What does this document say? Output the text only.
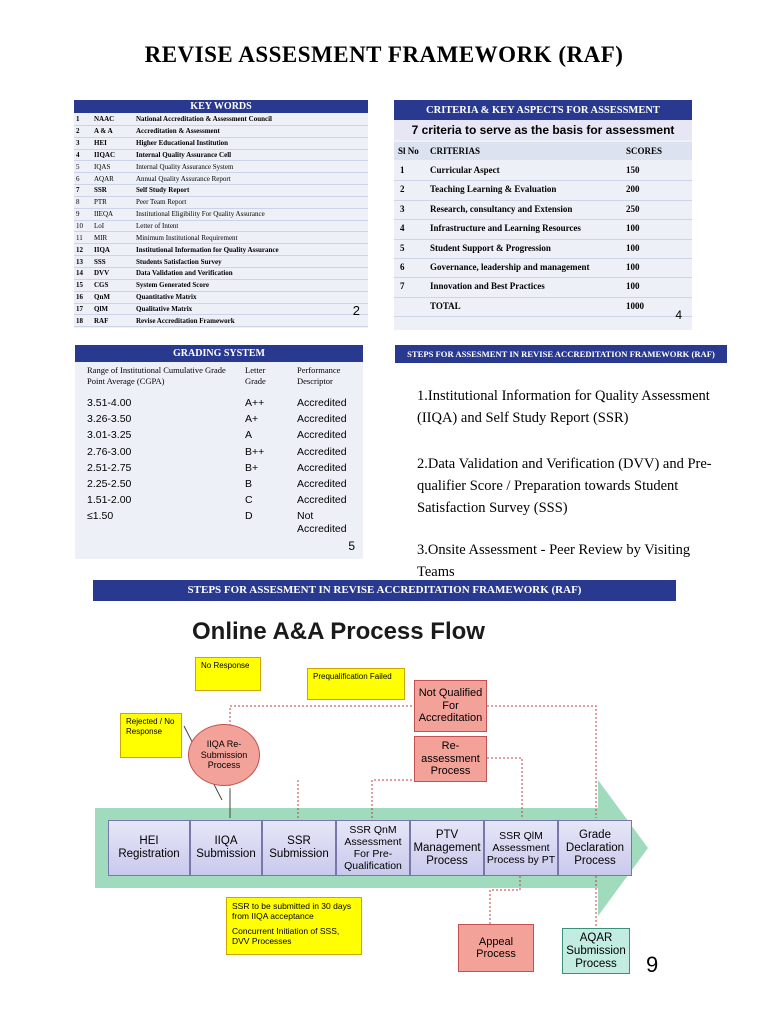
REVISE ASSESMENT FRAMEWORK (RAF)
KEY WORDS
1	NAAC	National Accreditation & Assessment Council
2	A & A	Accreditation & Assessment
3	HEI	Higher Educational Institution
4	IIQAC	Internal Quality Assurance Cell
5	IQAS	Internal Quality Assurance System
6	AQAR	Annual Quality Assurance Report
7	SSR	Self Study Report
8	PTR	Peer Team Report
9	IIEQA	Institutional Eligibility For Quality Assurance
10	LoI	Letter of Intent
11	MIR	Minimum Institutional Requirement
12	IIQA	Institutional Information for Quality Assurance
13	SSS	Students Satisfaction Survey
14	DVV	Data Validation and Verification
15	CGS	System Generated Score
16	QnM	Quantitative Matrix
17	QlM	Qualitative Matrix
18	RAF	Revise Accreditation Framework
2
CRITERIA & KEY ASPECTS FOR ASSESSMENT
7 criteria to serve as the basis for assessment
Sl No CRITERIAS	SCORES
1	Curricular Aspect	150
2	Teaching Learning & Evaluation	200
3	Research, consultancy and Extension	250
4	Infrastructure and Learning Resources	100
5	Student Support & Progression	100
6	Governance, leadership and management	100
7	Innovation and Best Practices	100
TOTAL	1000
4
GRADING SYSTEM
Range of Institutional Cumulative Grade Point Average (CGPA)
Letter Grade
Performance Descriptor
3.51-4.00	A++	Accredited
3.26-3.50	A+	Accredited
3.01-3.25	A	Accredited
2.76-3.00	B++	Accredited
2.51-2.75	B+	Accredited
2.25-2.50	B	Accredited
1.51-2.00	C	Accredited
≤1.50	D	Not Accredited
5
STEPS FOR ASSESMENT IN REVISE ACCREDITATION FRAMEWORK (RAF)

1.Institutional Information for Quality Assessment (IIQA) and Self Study Report (SSR)

2.Data Validation and Verification (DVV) and Pre-qualifier Score / Preparation towards Student Satisfaction Survey (SSS)

3.Onsite Assessment - Peer Review by Visiting Teams

STEPS FOR ASSESMENT IN REVISE ACCREDITATION FRAMEWORK (RAF)
Online A&A Process Flow
Not Qualified For Accreditation
Re-assessment Process
IIQA Re-Submission Process
No Response
Prequalification Failed
Rejected / No Response
HEI Registration
IIQA Submission
SSR Submission
SSR QnM Assessment For Pre-Qualification
PTV Management Process
SSR QlM Assessment Process by PT
Grade Declaration Process
SSR to be submitted in 30 days from IIQA acceptance
Concurrent Initiation of SSS, DVV Processes	Appeal Process
AQAR Submission Process	9
